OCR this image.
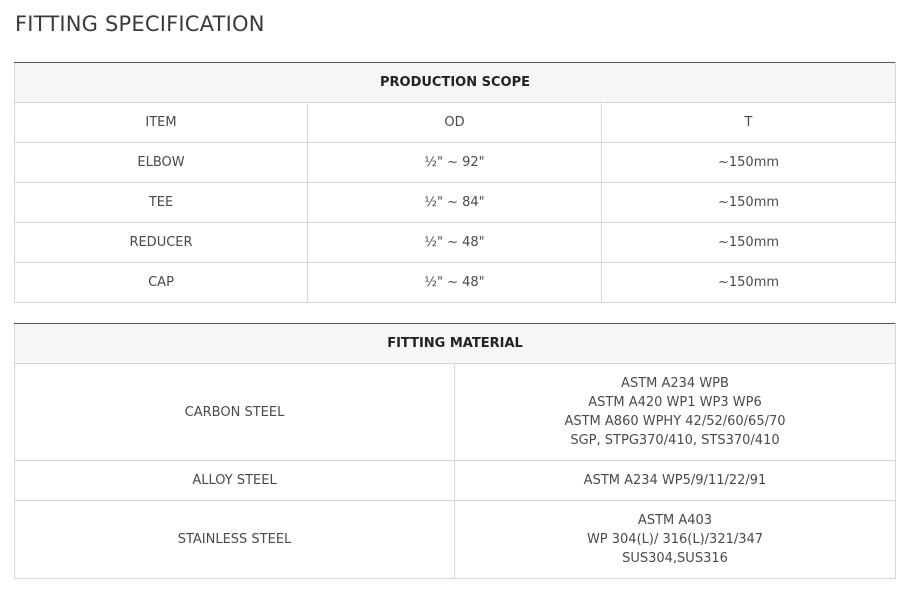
FITTING SPECIFICATION
PRODUCTION SCOPE		
ITEM	OD	T
ELBOW	½" ~ 92"	~150mm
TEE	½" ~ 84"	~150mm
REDUCER	½" ~ 48"	~150mm
CAP	½" ~ 48"	~150mm
FITTING MATERIAL	
CARBON STEEL	ASTM A234 WPB
ASTM A420 WP1 WP3 WP6
ASTM A860 WPHY 42/52/60/65/70
SGP, STPG370/410, STS370/410

ALLOY STEEL	ASTM A234 WP5/9/11/22/91

STAINLESS STEEL	ASTM A403
WP 304(L)/ 316(L)/321/347
SUS304,SUS316
